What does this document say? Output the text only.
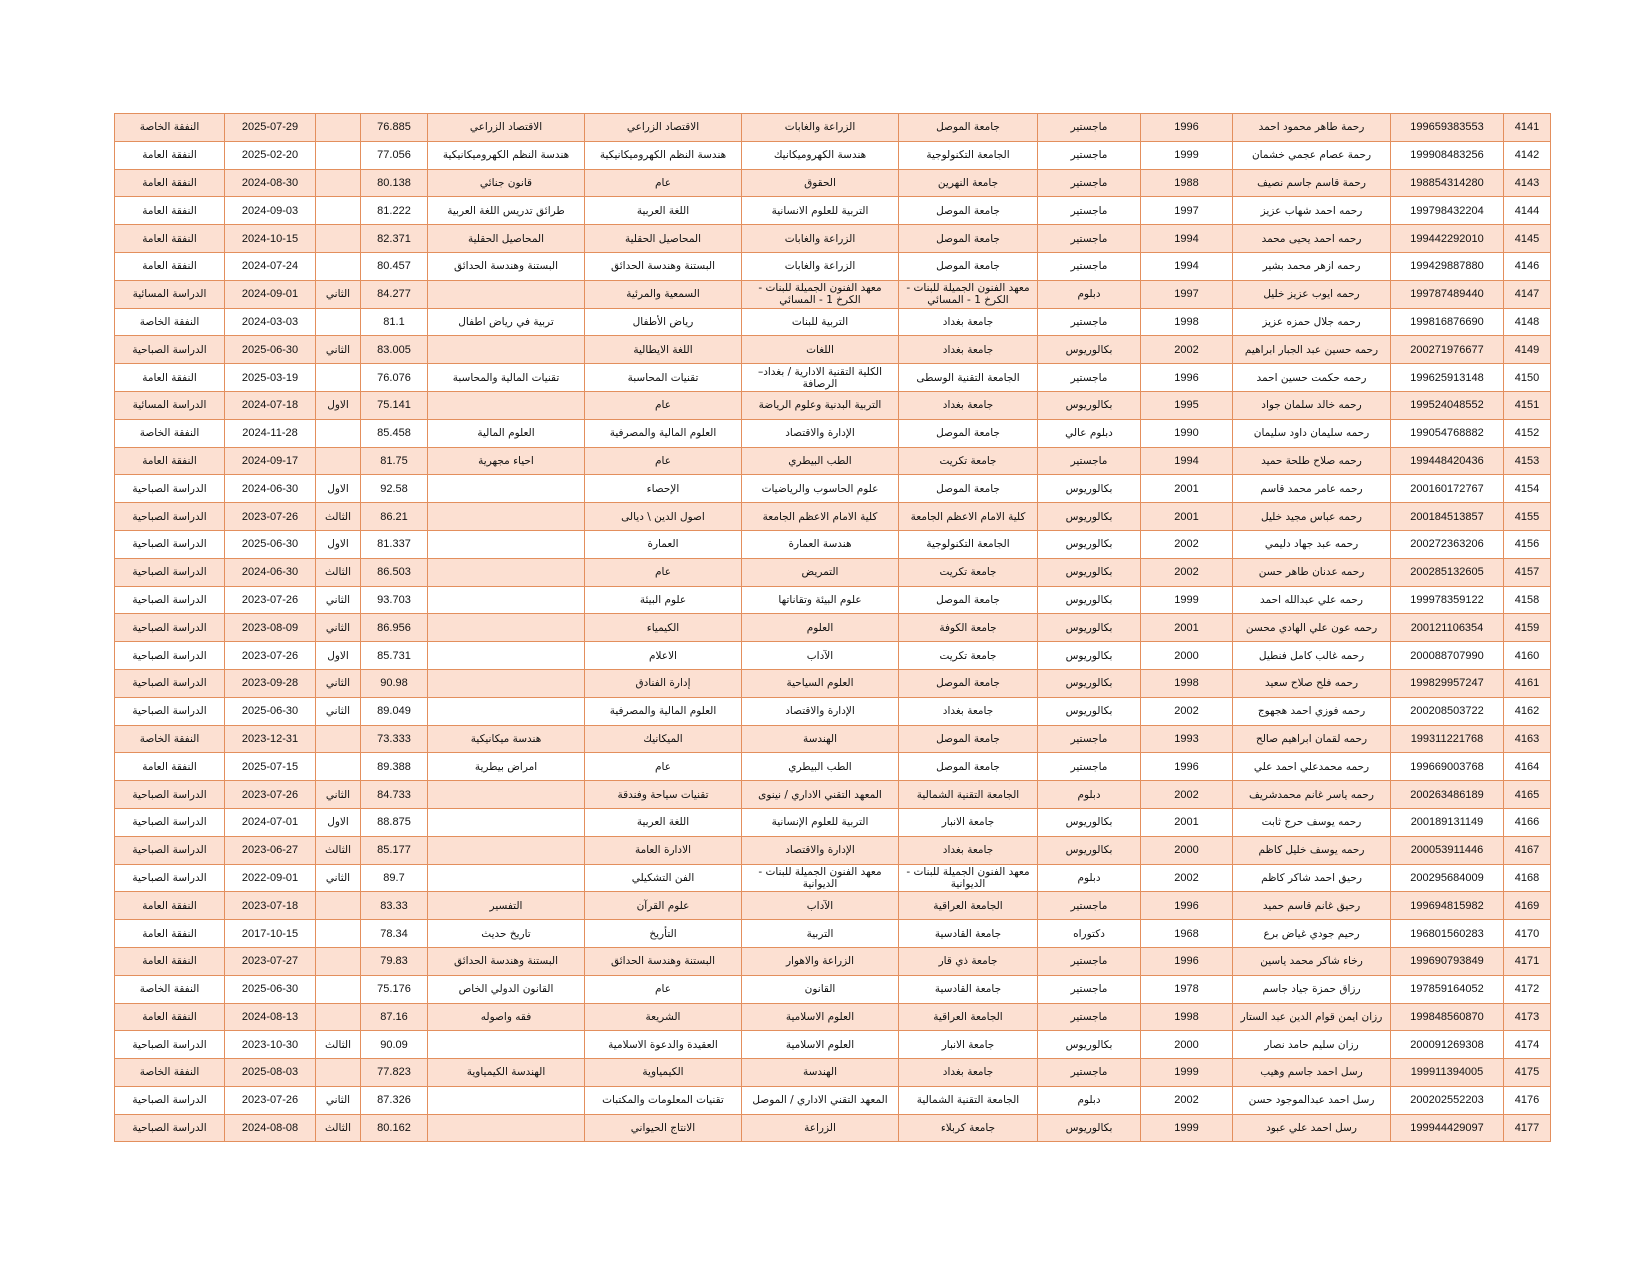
4141	199659383553	رحمة طاهر محمود احمد	1996	ماجستير	جامعة الموصل	الزراعة والغابات	الاقتصاد الزراعي	الاقتصاد الزراعي	76.885		2025-07-29	النفقة الخاصة
4142	199908483256	رحمة عصام عجمي خشمان	1999	ماجستير	الجامعة التكنولوجية	هندسة الكهروميكانيك	هندسة النظم الكهروميكانيكية	هندسة النظم الكهروميكانيكية	77.056		2025-02-20	النفقة العامة
4143	198854314280	رحمة قاسم جاسم نصيف	1988	ماجستير	جامعة النهرين	الحقوق	عام	قانون جنائي	80.138		2024-08-30	النفقة العامة
4144	199798432204	رحمه احمد شهاب عزيز	1997	ماجستير	جامعة الموصل	التربية للعلوم الانسانية	اللغة العربية	طرائق تدريس اللغة العربية	81.222		2024-09-03	النفقة العامة
4145	199442292010	رحمه احمد يحيى محمد	1994	ماجستير	جامعة الموصل	الزراعة والغابات	المحاصيل الحقلية	المحاصيل الحقلية	82.371		2024-10-15	النفقة العامة
4146	199429887880	رحمه ازهر محمد بشير	1994	ماجستير	جامعة الموصل	الزراعة والغابات	البستنة وهندسة الحدائق	البستنة وهندسة الحدائق	80.457		2024-07-24	النفقة العامة
4147	199787489440	رحمه ايوب عزيز خليل	1997	دبلوم	معهد الفنون الجميلة للبنات - الكرخ 1 - المسائي	معهد الفنون الجميلة للبنات - الكرخ 1 - المسائي	السمعية والمرئية		84.277	الثاني	2024-09-01	الدراسة المسائية
4148	199816876690	رحمه جلال حمزه عزيز	1998	ماجستير	جامعة بغداد	التربية للبنات	رياض الأطفال	تربية في رياض اطفال	81.1		2024-03-03	النفقة الخاصة
4149	200271976677	رحمه حسين عبد الجبار ابراهيم	2002	بكالوريوس	جامعة بغداد	اللغات	اللغة الايطالية		83.005	الثاني	2025-06-30	الدراسة الصباحية
4150	199625913148	رحمه حكمت حسين احمد	1996	ماجستير	الجامعة التقنية الوسطى	الكلية التقنية الادارية / بغداد– الرصافة	تقنيات المحاسبة	تقنيات المالية والمحاسبة	76.076		2025-03-19	النفقة العامة
4151	199524048552	رحمه خالد سلمان جواد	1995	بكالوريوس	جامعة بغداد	التربية البدنية وعلوم الرياضة	عام		75.141	الاول	2024-07-18	الدراسة المسائية
4152	199054768882	رحمه سليمان داود سليمان	1990	دبلوم عالي	جامعة الموصل	الإدارة والاقتصاد	العلوم المالية والمصرفية	العلوم المالية	85.458		2024-11-28	النفقة الخاصة
4153	199448420436	رحمه صلاح طلحة حميد	1994	ماجستير	جامعة تكريت	الطب البيطري	عام	احياء مجهرية	81.75		2024-09-17	النفقة العامة
4154	200160172767	رحمه عامر محمد قاسم	2001	بكالوريوس	جامعة الموصل	علوم الحاسوب والرياضيات	الإحصاء		92.58	الاول	2024-06-30	الدراسة الصباحية
4155	200184513857	رحمه عباس مجيد خليل	2001	بكالوريوس	كلية الامام الاعظم الجامعة	كلية الامام الاعظم الجامعة	اصول الدين \ ديالى		86.21	الثالث	2023-07-26	الدراسة الصباحية
4156	200272363206	رحمه عبد جهاد دليمي	2002	بكالوريوس	الجامعة التكنولوجية	هندسة العمارة	العمارة		81.337	الاول	2025-06-30	الدراسة الصباحية
4157	200285132605	رحمه عدنان طاهر حسن	2002	بكالوريوس	جامعة تكريت	التمريض	عام		86.503	الثالث	2024-06-30	الدراسة الصباحية
4158	199978359122	رحمه علي عبدالله احمد	1999	بكالوريوس	جامعة الموصل	علوم البيئة وتقاناتها	علوم البيئة		93.703	الثاني	2023-07-26	الدراسة الصباحية
4159	200121106354	رحمه عون علي الهادي محسن	2001	بكالوريوس	جامعة الكوفة	العلوم	الكيمياء		86.956	الثاني	2023-08-09	الدراسة الصباحية
4160	200088707990	رحمه غالب كامل فنطيل	2000	بكالوريوس	جامعة تكريت	الآداب	الاعلام		85.731	الاول	2023-07-26	الدراسة الصباحية
4161	199829957247	رحمه فلح صلاح سعيد	1998	بكالوريوس	جامعة الموصل	العلوم السياحية	إدارة الفنادق		90.98	الثاني	2023-09-28	الدراسة الصباحية
4162	200208503722	رحمه فوزي احمد هجهوج	2002	بكالوريوس	جامعة بغداد	الإدارة والاقتصاد	العلوم المالية والمصرفية		89.049	الثاني	2025-06-30	الدراسة الصباحية
4163	199311221768	رحمه لقمان ابراهيم صالح	1993	ماجستير	جامعة الموصل	الهندسة	الميكانيك	هندسة ميكانيكية	73.333		2023-12-31	النفقة الخاصة
4164	199669003768	رحمه محمدعلي احمد علي	1996	ماجستير	جامعة الموصل	الطب البيطري	عام	امراض بيطرية	89.388		2025-07-15	النفقة العامة
4165	200263486189	رحمه ياسر غانم محمدشريف	2002	دبلوم	الجامعة التقنية الشمالية	المعهد التقني الاداري / نينوى	تقنيات سياحة وفندقة		84.733	الثاني	2023-07-26	الدراسة الصباحية
4166	200189131149	رحمه يوسف حرج ثابت	2001	بكالوريوس	جامعة الانبار	التربية للعلوم الإنسانية	اللغة العربية		88.875	الاول	2024-07-01	الدراسة الصباحية
4167	200053911446	رحمه يوسف خليل كاظم	2000	بكالوريوس	جامعة بغداد	الإدارة والاقتصاد	الادارة العامة		85.177	الثالث	2023-06-27	الدراسة الصباحية
4168	200295684009	رحيق احمد شاكر كاظم	2002	دبلوم	معهد الفنون الجميلة للبنات - الديوانية	معهد الفنون الجميلة للبنات - الديوانية	الفن التشكيلي		89.7	الثاني	2022-09-01	الدراسة الصباحية
4169	199694815982	رحيق غانم قاسم حميد	1996	ماجستير	الجامعة العراقية	الآداب	علوم القرآن	التفسير	83.33		2023-07-18	النفقة العامة
4170	196801560283	رحيم جودي غياض برع	1968	دكتوراه	جامعة القادسية	التربية	التأريخ	تاريخ حديث	78.34		2017-10-15	النفقة العامة
4171	199690793849	رخاء شاكر محمد ياسين	1996	ماجستير	جامعة ذي قار	الزراعة والاهوار	البستنة وهندسة الحدائق	البستنة وهندسة الحدائق	79.83		2023-07-27	النفقة العامة
4172	197859164052	رزاق حمزة جياد جاسم	1978	ماجستير	جامعة القادسية	القانون	عام	القانون الدولي الخاص	75.176		2025-06-30	النفقة الخاصة
4173	199848560870	رزان ايمن قوام الدين عبد الستار	1998	ماجستير	الجامعة العراقية	العلوم الاسلامية	الشريعة	فقه واصوله	87.16		2024-08-13	النفقة العامة
4174	200091269308	رزان سليم حامد نصار	2000	بكالوريوس	جامعة الانبار	العلوم الاسلامية	العقيدة والدعوة الاسلامية		90.09	الثالث	2023-10-30	الدراسة الصباحية
4175	199911394005	رسل احمد جاسم وهيب	1999	ماجستير	جامعة بغداد	الهندسة	الكيمياوية	الهندسة الكيمياوية	77.823		2025-08-03	النفقة الخاصة
4176	200202552203	رسل احمد عبدالموجود حسن	2002	دبلوم	الجامعة التقنية الشمالية	المعهد التقني الاداري / الموصل	تقنيات المعلومات والمكتبات		87.326	الثاني	2023-07-26	الدراسة الصباحية
4177	199944429097	رسل احمد علي عبود	1999	بكالوريوس	جامعة كربلاء	الزراعة	الانتاج الحيواني		80.162	الثالث	2024-08-08	الدراسة الصباحية
